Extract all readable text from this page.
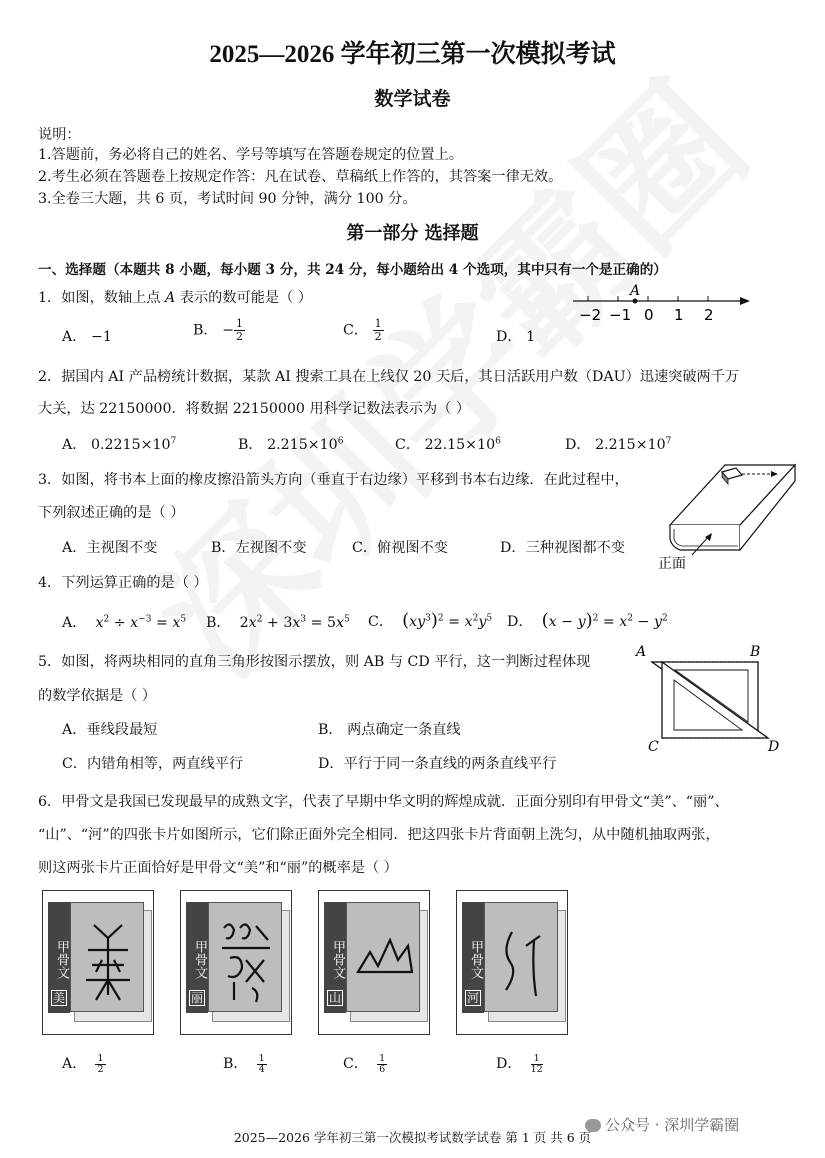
2025—2026 学年初三第一次模拟考试
数学试卷
说明：
1.答题前，务必将自己的姓名、学号等填写在答题卷规定的位置上。
2.考生必须在答题卷上按规定作答：凡在试卷、草稿纸上作答的，其答案一律无效。
3.全卷三大题，共 6 页，考试时间 90 分钟，满分 100 分。
第一部分 选择题
一、选择题（本题共 8 小题，每小题 3 分，共 24 分，每小题给出 4 个选项，其中只有一个是正确的）
1．如图，数轴上点 A 表示的数可能是（ ）	A
−2 −1 0 1 2
A． −1	B． − $\frac{1}{2}$	C． $\frac{1}{2}$	D． 1
2．据国内 AI 产品榜统计数据，某款 AI 搜索工具在上线仅 20 天后，其日活跃用户数（DAU）迅速突破两千万
大关，达 22150000．将数据 22150000 用科学记数法表示为（ ）
A． $0.2215\times 10^7$	B． $2.215\times 10^6$	C． $22.15\times 10^6$	D． $2.215\times 10^7$
3．如图，将书本上面的橡皮擦沿箭头方向（垂直于右边缘）平移到书本右边缘．在此过程中，
下列叙述正确的是（ ）
正面
A．主视图不变	B．左视图不变	C．俯视图不变	D．三种视图都不变
4．下列运算正确的是（ ）
A． $x^2 \div x^{-3} = x^5$ B．  $2x^2 + 3x^3 = 5x^5$ C． $(xy^3)^2 = x^2y^5$ D． $(x - y)^2 = x^2 - y^2$
5．如图，将两块相同的直角三角形按图示摆放，则 AB 与 CD 平行，这一判断过程体现
的数学依据是（ ）
A	B
C	D
A．垂线段最短	B． 两点确定一条直线
C．内错角相等，两直线平行	D．平行于同一条直线的两条直线平行
6．甲骨文是我国已发现最早的成熟文字，代表了早期中华文明的辉煌成就．正面分别印有甲骨文“美”、“丽”、
“山”、“河”的四张卡片如图所示，它们除正面外完全相同．把这四张卡片背面朝上洗匀，从中随机抽取两张，
则这两张卡片正面恰好是甲骨文“美”和“丽”的概率是（ ）
甲骨文
美
甲骨文
丽
甲骨文
山
甲骨文
河
A． $\frac{1}{2}$	B． $\frac{1}{4}$	C． $\frac{1}{6}$	D． $\frac{1}{12}$
公众号 · 深圳学霸圈
2025—2026 学年初三第一次模拟考试数学试卷 第 1 页 共 6 页
